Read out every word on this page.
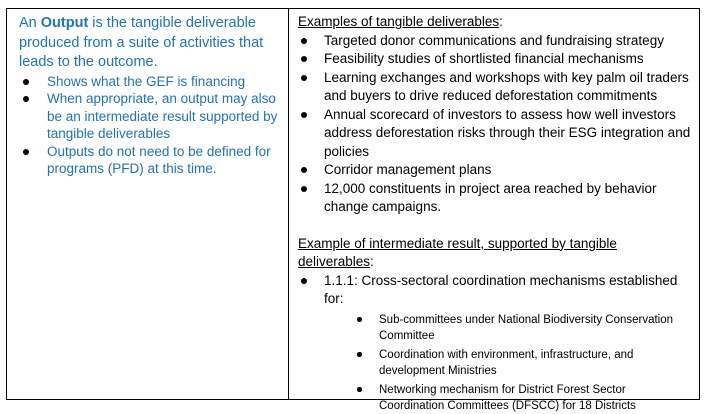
An Output is the tangible deliverable produced from a suite of activities that leads to the outcome.

Shows what the GEF is financing
When appropriate, an output may also be an intermediate result supported by tangible deliverables
Outputs do not need to be defined for programs (PFD) at this time.

Examples of tangible deliverables:

Targeted donor communications and fundraising strategy
Feasibility studies of shortlisted financial mechanisms
Learning exchanges and workshops with key palm oil traders and buyers to drive reduced deforestation commitments
Annual scorecard of investors to assess how well investors address deforestation risks through their ESG integration and policies
Corridor management plans
12,000 constituents in project area reached by behavior change campaigns.

Example of intermediate result, supported by tangible deliverables:

1.1.1: Cross-sectoral coordination mechanisms established for:
Sub-committees under National Biodiversity Conservation Committee
Coordination with environment, infrastructure, and development Ministries
Networking mechanism for District Forest Sector Coordination Committees (DFSCC) for 18 Districts
